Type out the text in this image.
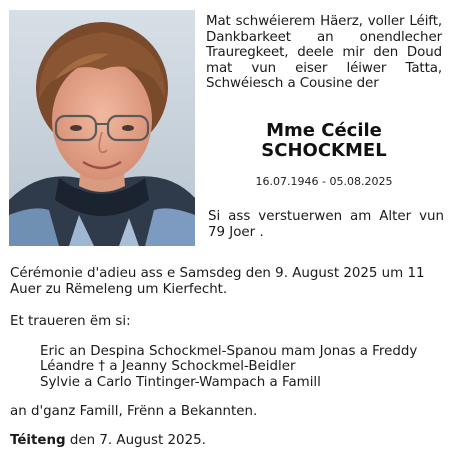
Mat schwéierem Häerz, voller Léift, Dankbarkeet an onendlecher Trauregkeet, deele mir den Doud mat vun eiser léiwer Tatta, Schwéiesch a Cousine der
Mme Cécile
SCHOCKMEL
16.07.1946 - 05.08.2025
Si ass verstuerwen am Alter vun 79 Joer .
Cérémonie d'adieu ass e Samsdeg den 9. August 2025 um 11 Auer zu Rëmeleng um Kierfecht.
Et traueren ëm si:
Eric an Despina Schockmel-Spanou mam Jonas a Freddy
Léandre † a Jeanny Schockmel-Beidler
Sylvie a Carlo Tintinger-Wampach a Famill
an d'ganz Famill, Frënn a Bekannten.
Téiteng den 7. August 2025.
